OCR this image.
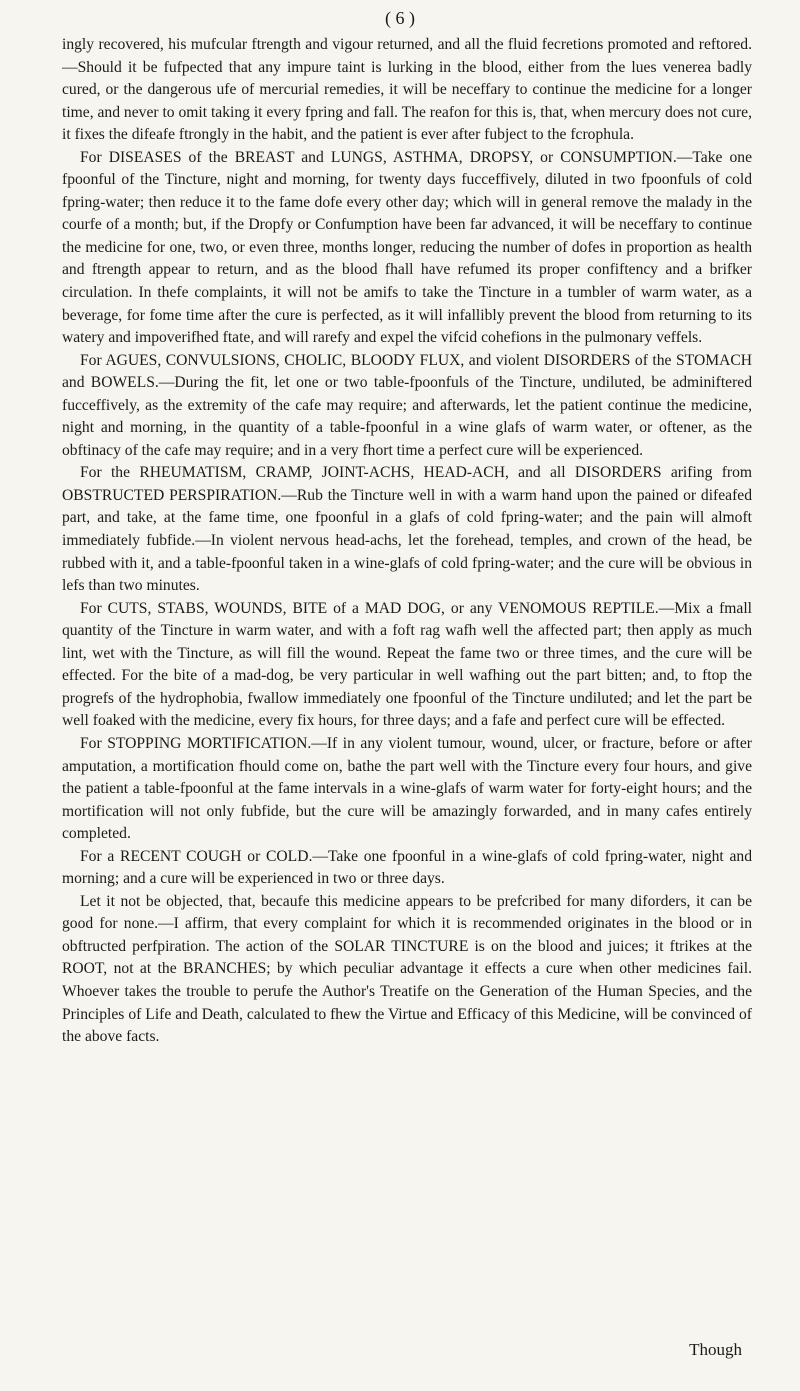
( 6 )

ingly recovered, his mufcular ftrength and vigour returned, and all the fluid fecretions promoted and reftored.—Should it be fufpected that any impure taint is lurking in the blood, either from the lues venerea badly cured, or the dangerous ufe of mercurial remedies, it will be neceffary to continue the medicine for a longer time, and never to omit taking it every fpring and fall. The reafon for this is, that, when mercury does not cure, it fixes the difeafe ftrongly in the habit, and the patient is ever after fubject to the fcrophula.

For DISEASES of the BREAST and LUNGS, ASTHMA, DROPSY, or CONSUMPTION.—Take one fpoonful of the Tincture, night and morning, for twenty days fucceffively, diluted in two fpoonfuls of cold fpring-water; then reduce it to the fame dofe every other day; which will in general remove the malady in the courfe of a month; but, if the Dropfy or Confumption have been far advanced, it will be neceffary to continue the medicine for one, two, or even three, months longer, reducing the number of dofes in proportion as health and ftrength appear to return, and as the blood fhall have refumed its proper confiftency and a brifker circulation. In thefe complaints, it will not be amifs to take the Tincture in a tumbler of warm water, as a beverage, for fome time after the cure is perfected, as it will infallibly prevent the blood from returning to its watery and impoverifhed ftate, and will rarefy and expel the vifcid cohefions in the pulmonary veffels.

For AGUES, CONVULSIONS, CHOLIC, BLOODY FLUX, and violent DISORDERS of the STOMACH and BOWELS.—During the fit, let one or two table-fpoonfuls of the Tincture, undiluted, be adminiftered fucceffively, as the extremity of the cafe may require; and afterwards, let the patient continue the medicine, night and morning, in the quantity of a table-fpoonful in a wine glafs of warm water, or oftener, as the obftinacy of the cafe may require; and in a very fhort time a perfect cure will be experienced.

For the RHEUMATISM, CRAMP, JOINT-ACHS, HEAD-ACH, and all DISORDERS arifing from OBSTRUCTED PERSPIRATION.—Rub the Tincture well in with a warm hand upon the pained or difeafed part, and take, at the fame time, one fpoonful in a glafs of cold fpring-water; and the pain will almoft immediately fubfide.—In violent nervous head-achs, let the forehead, temples, and crown of the head, be rubbed with it, and a table-fpoonful taken in a wine-glafs of cold fpring-water; and the cure will be obvious in lefs than two minutes.

For CUTS, STABS, WOUNDS, BITE of a MAD DOG, or any VENOMOUS REPTILE.—Mix a fmall quantity of the Tincture in warm water, and with a foft rag wafh well the affected part; then apply as much lint, wet with the Tincture, as will fill the wound. Repeat the fame two or three times, and the cure will be effected. For the bite of a mad-dog, be very particular in well wafhing out the part bitten; and, to ftop the progrefs of the hydrophobia, fwallow immediately one fpoonful of the Tincture undiluted; and let the part be well foaked with the medicine, every fix hours, for three days; and a fafe and perfect cure will be effected.

For STOPPING MORTIFICATION.—If in any violent tumour, wound, ulcer, or fracture, before or after amputation, a mortification fhould come on, bathe the part well with the Tincture every four hours, and give the patient a table-fpoonful at the fame intervals in a wine-glafs of warm water for forty-eight hours; and the mortification will not only fubfide, but the cure will be amazingly forwarded, and in many cafes entirely completed.

For a RECENT COUGH or COLD.—Take one fpoonful in a wine-glafs of cold fpring-water, night and morning; and a cure will be experienced in two or three days.

Let it not be objected, that, becaufe this medicine appears to be prefcribed for many diforders, it can be good for none.—I affirm, that every complaint for which it is recommended originates in the blood or in obftructed perfpiration. The action of the SOLAR TINCTURE is on the blood and juices; it ftrikes at the ROOT, not at the BRANCHES; by which peculiar advantage it effects a cure when other medicines fail. Whoever takes the trouble to perufe the Author's Treatife on the Generation of the Human Species, and the Principles of Life and Death, calculated to fhew the Virtue and Efficacy of this Medicine, will be convinced of the above facts.

Though
